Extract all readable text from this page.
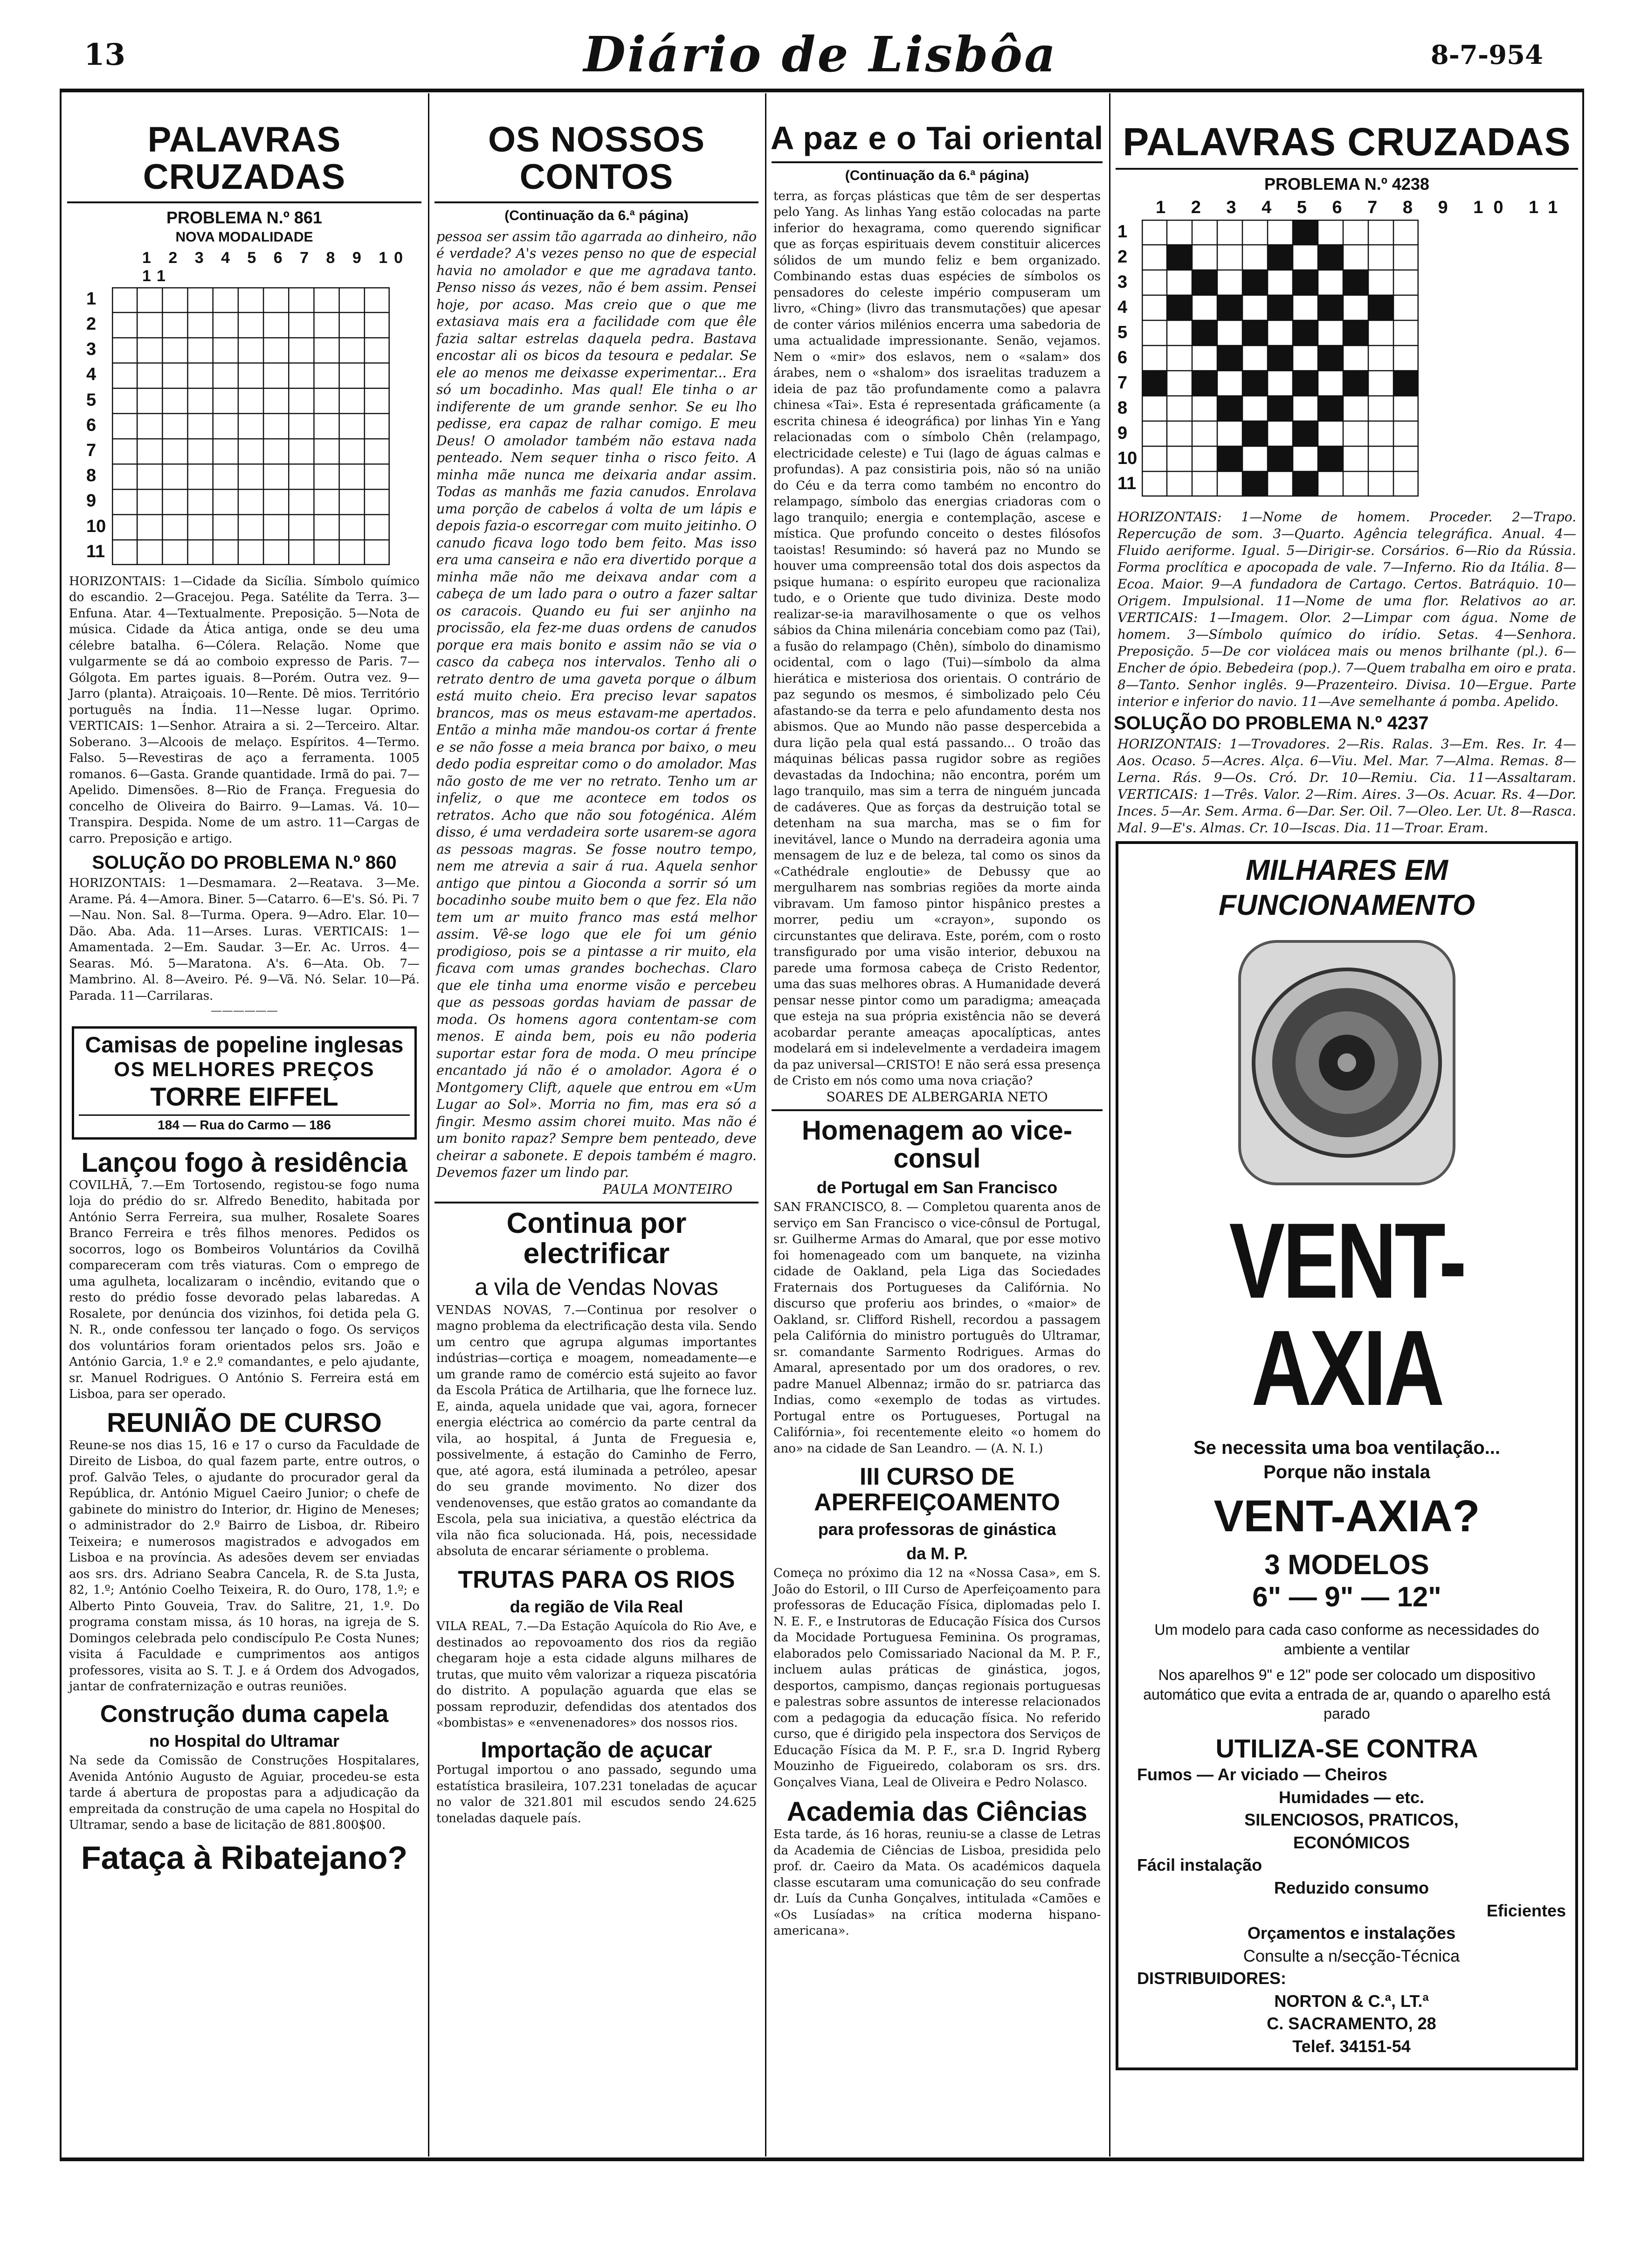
13	Diário de Lisbôa	8-7-954
PALAVRAS CRUZADAS
PROBLEMA N.º 861
NOVA MODALIDADE
1 2 3 4 5 6 7 8 9 10 11
1
2
3
4
5
6
7
8
9
10
11
HORIZONTAIS: 1—Cidade da Sicília. Símbolo químico do escandio. 2—Gracejou. Pega. Satélite da Terra. 3—Enfuna. Atar. 4—Textualmente. Preposição. 5—Nota de música. Cidade da Ática antiga, onde se deu uma célebre batalha. 6—Cólera. Relação. Nome que vulgarmente se dá ao comboio expresso de Paris. 7—Gólgota. Em partes iguais. 8—Porém. Outra vez. 9—Jarro (planta). Atraiçoais. 10—Rente. Dê mios. Território português na Índia. 11—Nesse lugar. Oprimo. VERTICAIS: 1—Senhor. Atraira a si. 2—Terceiro. Altar. Soberano. 3—Alcoois de melaço. Espíritos. 4—Termo. Falso. 5—Revestiras de aço a ferramenta. 1005 romanos. 6—Gasta. Grande quantidade. Irmã do pai. 7—Apelido. Dimensões. 8—Rio de França. Freguesia do concelho de Oliveira do Bairro. 9—Lamas. Vá. 10—Transpira. Despida. Nome de um astro. 11—Cargas de carro. Preposição e artigo.
SOLUÇÃO DO PROBLEMA N.º 860
HORIZONTAIS: 1—Desmamara. 2—Reatava. 3—Me. Arame. Pá. 4—Amora. Biner. 5—Catarro. 6—E's. Só. Pi. 7—Nau. Non. Sal. 8—Turma. Opera. 9—Adro. Elar. 10—Dão. Aba. Ada. 11—Arses. Luras. VERTICAIS: 1—Amamentada. 2—Em. Saudar. 3—Er. Ac. Urros. 4—Searas. Mó. 5—Maratona. A's. 6—Ata. Ob. 7—Mambrino. Al. 8—Aveiro. Pé. 9—Vã. Nó. Selar. 10—Pá. Parada. 11—Carrilaras.
——————
Camisas de popeline inglesas
OS MELHORES PREÇOS
TORRE EIFFEL
184 — Rua do Carmo — 186
Lançou fogo à residência
COVILHÃ, 7.—Em Tortosendo, registou-se fogo numa loja do prédio do sr. Alfredo Benedito, habitada por António Serra Ferreira, sua mulher, Rosalete Soares Branco Ferreira e três filhos menores. Pedidos os socorros, logo os Bombeiros Voluntários da Covilhã compareceram com três viaturas. Com o emprego de uma agulheta, localizaram o incêndio, evitando que o resto do prédio fosse devorado pelas labaredas. A Rosalete, por denúncia dos vizinhos, foi detida pela G. N. R., onde confessou ter lançado o fogo. Os serviços dos voluntários foram orientados pelos srs. João e António Garcia, 1.º e 2.º comandantes, e pelo ajudante, sr. Manuel Rodrigues. O António S. Ferreira está em Lisboa, para ser operado.
REUNIÃO DE CURSO
Reune-se nos dias 15, 16 e 17 o curso da Faculdade de Direito de Lisboa, do qual fazem parte, entre outros, o prof. Galvão Teles, o ajudante do procurador geral da República, dr. António Miguel Caeiro Junior; o chefe de gabinete do ministro do Interior, dr. Higino de Meneses; o administrador do 2.º Bairro de Lisboa, dr. Ribeiro Teixeira; e numerosos magistrados e advogados em Lisboa e na província. As adesões devem ser enviadas aos srs. drs. Adriano Seabra Cancela, R. de S.ta Justa, 82, 1.º; António Coelho Teixeira, R. do Ouro, 178, 1.º; e Alberto Pinto Gouveia, Trav. do Salitre, 21, 1.º. Do programa constam missa, ás 10 horas, na igreja de S. Domingos celebrada pelo condiscípulo P.e Costa Nunes; visita á Faculdade e cumprimentos aos antigos professores, visita ao S. T. J. e á Ordem dos Advogados, jantar de confraternização e outras reuniões.
Construção duma capela
no Hospital do Ultramar
Na sede da Comissão de Construções Hospitalares, Avenida António Augusto de Aguiar, procedeu-se esta tarde á abertura de propostas para a adjudicação da empreitada da construção de uma capela no Hospital do Ultramar, sendo a base de licitação de 881.800$00.
Fataça à Ribatejano?
OS NOSSOS CONTOS
(Continuação da 6.ª página)
pessoa ser assim tão agarrada ao dinheiro, não é verdade? A's vezes penso no que de especial havia no amolador e que me agradava tanto. Penso nisso ás vezes, não é bem assim. Pensei hoje, por acaso. Mas creio que o que me extasiava mais era a facilidade com que êle fazia saltar estrelas daquela pedra. Bastava encostar ali os bicos da tesoura e pedalar. Se ele ao menos me deixasse experimentar... Era só um bocadinho. Mas qual! Ele tinha o ar indiferente de um grande senhor. Se eu lho pedisse, era capaz de ralhar comigo. E meu Deus! O amolador também não estava nada penteado. Nem sequer tinha o risco feito. A minha mãe nunca me deixaria andar assim. Todas as manhãs me fazia canudos. Enrolava uma porção de cabelos á volta de um lápis e depois fazia-o escorregar com muito jeitinho. O canudo ficava logo todo bem feito. Mas isso era uma canseira e não era divertido porque a minha mãe não me deixava andar com a cabeça de um lado para o outro a fazer saltar os caracois. Quando eu fui ser anjinho na procissão, ela fez-me duas ordens de canudos porque era mais bonito e assim não se via o casco da cabeça nos intervalos. Tenho ali o retrato dentro de uma gaveta porque o álbum está muito cheio. Era preciso levar sapatos brancos, mas os meus estavam-me apertados. Então a minha mãe mandou-os cortar á frente e se não fosse a meia branca por baixo, o meu dedo podia espreitar como o do amolador. Mas não gosto de me ver no retrato. Tenho um ar infeliz, o que me acontece em todos os retratos. Acho que não sou fotogénica. Além disso, é uma verdadeira sorte usarem-se agora as pessoas magras. Se fosse noutro tempo, nem me atrevia a sair á rua. Aquela senhor antigo que pintou a Gioconda a sorrir só um bocadinho soube muito bem o que fez. Ela não tem um ar muito franco mas está melhor assim. Vê-se logo que ele foi um génio prodigioso, pois se a pintasse a rir muito, ela ficava com umas grandes bochechas. Claro que ele tinha uma enorme visão e percebeu que as pessoas gordas haviam de passar de moda. Os homens agora contentam-se com menos. E ainda bem, pois eu não poderia suportar estar fora de moda. O meu príncipe encantado já não é o amolador. Agora é o Montgomery Clift, aquele que entrou em «Um Lugar ao Sol». Morria no fim, mas era só a fingir. Mesmo assim chorei muito. Mas não é um bonito rapaz? Sempre bem penteado, deve cheirar a sabonete. E depois também é magro. Devemos fazer um lindo par.
PAULA MONTEIRO
Continua por electrificar
a vila de Vendas Novas
VENDAS NOVAS, 7.—Continua por resolver o magno problema da electrificação desta vila. Sendo um centro que agrupa algumas importantes indústrias—cortiça e moagem, nomeadamente—e um grande ramo de comércio está sujeito ao favor da Escola Prática de Artilharia, que lhe fornece luz. E, ainda, aquela unidade que vai, agora, fornecer energia eléctrica ao comércio da parte central da vila, ao hospital, á Junta de Freguesia e, possivelmente, á estação do Caminho de Ferro, que, até agora, está iluminada a petróleo, apesar do seu grande movimento. No dizer dos vendenovenses, que estão gratos ao comandante da Escola, pela sua iniciativa, a questão eléctrica da vila não fica solucionada. Há, pois, necessidade absoluta de encarar sériamente o problema.
TRUTAS PARA OS RIOS
da região de Vila Real
VILA REAL, 7.—Da Estação Aquícola do Rio Ave, e destinados ao repovoamento dos rios da região chegaram hoje a esta cidade alguns milhares de trutas, que muito vêm valorizar a riqueza piscatória do distrito. A população aguarda que elas se possam reproduzir, defendidas dos atentados dos «bombistas» e «envenenadores» dos nossos rios.
Importação de açucar
Portugal importou o ano passado, segundo uma estatística brasileira, 107.231 toneladas de açucar no valor de 321.801 mil escudos sendo 24.625 toneladas daquele país.
A paz e o Tai oriental
(Continuação da 6.ª página)
terra, as forças plásticas que têm de ser despertas pelo Yang. As linhas Yang estão colocadas na parte inferior do hexagrama, como querendo significar que as forças espirituais devem constituir alicerces sólidos de um mundo feliz e bem organizado. Combinando estas duas espécies de símbolos os pensadores do celeste império compuseram um livro, «Ching» (livro das transmutações) que apesar de conter vários milénios encerra uma sabedoria de uma actualidade impressionante. Senão, vejamos. Nem o «mir» dos eslavos, nem o «salam» dos árabes, nem o «shalom» dos israelitas traduzem a ideia de paz tão profundamente como a palavra chinesa «Tai». Esta é representada gráficamente (a escrita chinesa é ideográfica) por linhas Yin e Yang relacionadas com o símbolo Chên (relampago, electricidade celeste) e Tui (lago de águas calmas e profundas). A paz consistiria pois, não só na união do Céu e da terra como também no encontro do relampago, símbolo das energias criadoras com o lago tranquilo; energia e contemplação, ascese e mística. Que profundo conceito o destes filósofos taoistas! Resumindo: só haverá paz no Mundo se houver uma compreensão total dos dois aspectos da psique humana: o espírito europeu que racionaliza tudo, e o Oriente que tudo diviniza. Deste modo realizar-se-ia maravilhosamente o que os velhos sábios da China milenária concebiam como paz (Tai), a fusão do relampago (Chên), símbolo do dinamismo ocidental, com o lago (Tui)—símbolo da alma hierática e misteriosa dos orientais. O contrário de paz segundo os mesmos, é simbolizado pelo Céu afastando-se da terra e pelo afundamento desta nos abismos. Que ao Mundo não passe despercebida a dura lição pela qual está passando... O troão das máquinas bélicas passa rugidor sobre as regiões devastadas da Indochina; não encontra, porém um lago tranquilo, mas sim a terra de ninguém juncada de cadáveres. Que as forças da destruição total se detenham na sua marcha, mas se o fim for inevitável, lance o Mundo na derradeira agonia uma mensagem de luz e de beleza, tal como os sinos da «Cathédrale engloutie» de Debussy que ao mergulharem nas sombrias regiões da morte ainda vibravam. Um famoso pintor hispânico prestes a morrer, pediu um «crayon», supondo os circunstantes que delirava. Este, porém, com o rosto transfigurado por uma visão interior, debuxou na parede uma formosa cabeça de Cristo Redentor, uma das suas melhores obras. A Humanidade deverá pensar nesse pintor como um paradigma; ameaçada que esteja na sua própria existência não se deverá acobardar perante ameaças apocalípticas, antes modelará em si indelevelmente a verdadeira imagem da paz universal—CRISTO! E não será essa presença de Cristo em nós como uma nova criação?
SOARES DE ALBERGARIA NETO
Homenagem ao vice-consul
de Portugal em San Francisco
SAN FRANCISCO, 8. — Completou quarenta anos de serviço em San Francisco o vice-cônsul de Portugal, sr. Guilherme Armas do Amaral, que por esse motivo foi homenageado com um banquete, na vizinha cidade de Oakland, pela Liga das Sociedades Fraternais dos Portugueses da Califórnia. No discurso que proferiu aos brindes, o «maior» de Oakland, sr. Clifford Rishell, recordou a passagem pela Califórnia do ministro português do Ultramar, sr. comandante Sarmento Rodrigues. Armas do Amaral, apresentado por um dos oradores, o rev. padre Manuel Albennaz; irmão do sr. patriarca das Indias, como «exemplo de todas as virtudes. Portugal entre os Portugueses, Portugal na Califórnia», foi recentemente eleito «o homem do ano» na cidade de San Leandro. — (A. N. I.)
III CURSO DE APERFEIÇOAMENTO
para professoras de ginástica
da M. P.
Começa no próximo dia 12 na «Nossa Casa», em S. João do Estoril, o III Curso de Aperfeiçoamento para professoras de Educação Física, diplomadas pelo I. N. E. F., e Instrutoras de Educação Física dos Cursos da Mocidade Portuguesa Feminina. Os programas, elaborados pelo Comissariado Nacional da M. P. F., incluem aulas práticas de ginástica, jogos, desportos, campismo, danças regionais portuguesas e palestras sobre assuntos de interesse relacionados com a pedagogia da educação física. No referido curso, que é dirigido pela inspectora dos Serviços de Educação Física da M. P. F., sr.a D. Ingrid Ryberg Mouzinho de Figueiredo, colaboram os srs. drs. Gonçalves Viana, Leal de Oliveira e Pedro Nolasco.
Academia das Ciências
Esta tarde, ás 16 horas, reuniu-se a classe de Letras da Academia de Ciências de Lisboa, presidida pelo prof. dr. Caeiro da Mata. Os académicos daquela classe escutaram uma comunicação do seu confrade dr. Luís da Cunha Gonçalves, intitulada «Camões e «Os Lusíadas» na crítica moderna hispano-americana».
PALAVRAS CRUZADAS
PROBLEMA N.º 4238
1 2 3 4 5 6 7 8 9 10 11
1
2
3
4
5
6
7
8
9
10
11
HORIZONTAIS: 1—Nome de homem. Proceder. 2—Trapo. Repercução de som. 3—Quarto. Agência telegráfica. Anual. 4—Fluido aeriforme. Igual. 5—Dirigir-se. Corsários. 6—Rio da Rússia. Forma proclítica e apocopada de vale. 7—Inferno. Rio da Itália. 8—Ecoa. Maior. 9—A fundadora de Cartago. Certos. Batráquio. 10—Origem. Impulsional. 11—Nome de uma flor. Relativos ao ar. VERTICAIS: 1—Imagem. Olor. 2—Limpar com água. Nome de homem. 3—Símbolo químico do irídio. Setas. 4—Senhora. Preposição. 5—De cor violácea mais ou menos brilhante (pl.). 6—Encher de ópio. Bebedeira (pop.). 7—Quem trabalha em oiro e prata. 8—Tanto. Senhor inglês. 9—Prazenteiro. Divisa. 10—Ergue. Parte interior e inferior do navio. 11—Ave semelhante á pomba. Apelido.
SOLUÇÃO DO PROBLEMA N.º 4237
HORIZONTAIS: 1—Trovadores. 2—Ris. Ralas. 3—Em. Res. Ir. 4—Aos. Ocaso. 5—Acres. Alça. 6—Viu. Mel. Mar. 7—Alma. Remas. 8—Lerna. Rás. 9—Os. Cró. Dr. 10—Remiu. Cia. 11—Assaltaram. VERTICAIS: 1—Três. Valor. 2—Rim. Aires. 3—Os. Acuar. Rs. 4—Dor. Inces. 5—Ar. Sem. Arma. 6—Dar. Ser. Oil. 7—Oleo. Ler. Ut. 8—Rasca. Mal. 9—E's. Almas. Cr. 10—Iscas. Dia. 11—Troar. Eram.
MILHARES EM FUNCIONAMENTO
VENT-AXIA
Se necessita uma boa ventilação...
Porque não instala
VENT-AXIA?
3 MODELOS
6" — 9" — 12"
Um modelo para cada caso conforme as necessidades do ambiente a ventilar
Nos aparelhos 9" e 12" pode ser colocado um dispositivo automático que evita a entrada de ar, quando o aparelho está parado
UTILIZA-SE CONTRA
Fumos — Ar viciado — Cheiros
Humidades — etc.
SILENCIOSOS, PRATICOS,
ECONÓMICOS
Fácil instalação
Reduzido consumo
Eficientes
Orçamentos e instalações
Consulte a n/secção-Técnica
DISTRIBUIDORES:
NORTON & C.ª, LT.ª
C. SACRAMENTO, 28
Telef. 34151-54
